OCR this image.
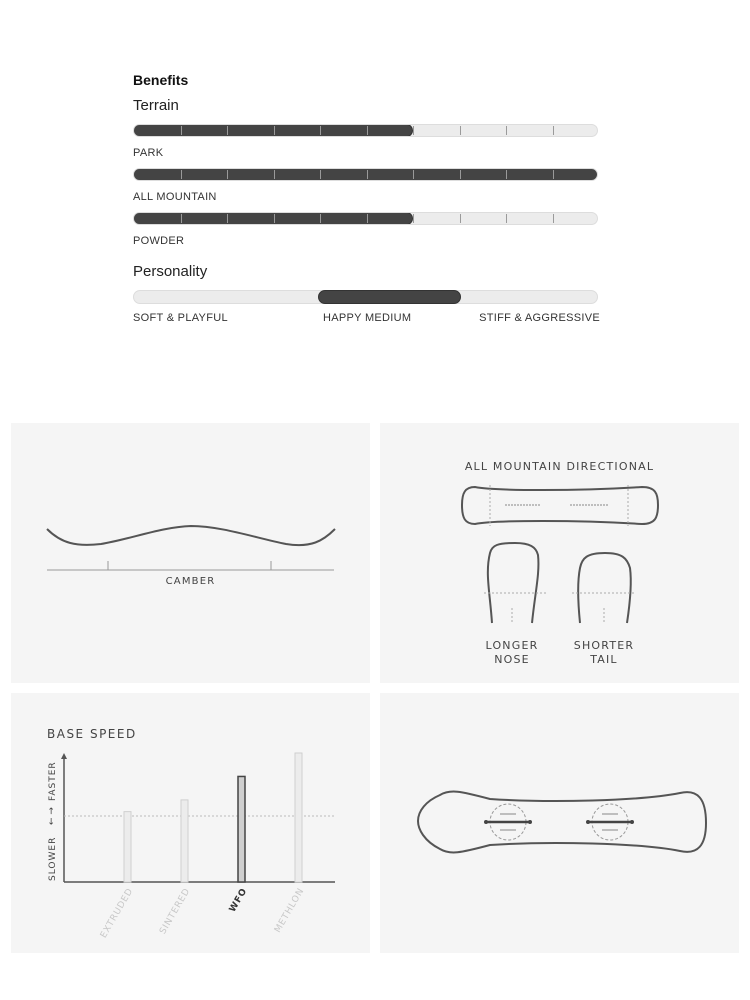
Benefits
Terrain
PARK
ALL MOUNTAIN
POWDER
Personality
SOFT & PLAYFUL	HAPPY MEDIUM	STIFF & AGGRESSIVE
CAMBER
ALL MOUNTAIN DIRECTIONAL
LONGER
NOSE
SHORTER
TAIL
BASE SPEED
FASTER
SLOWER
← →
EXTRUDED	SINTERED	WFO	METHLON
